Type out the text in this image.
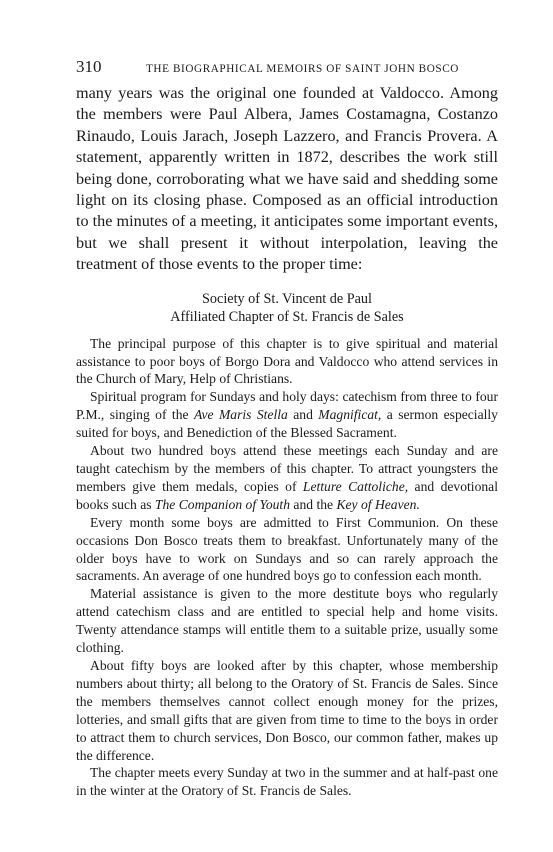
310	THE BIOGRAPHICAL MEMOIRS OF SAINT JOHN BOSCO

many years was the original one founded at Valdocco. Among the members were Paul Albera, James Costamagna, Costanzo Rinaudo, Louis Jarach, Joseph Lazzero, and Francis Provera. A statement, apparently written in 1872, describes the work still being done, corroborating what we have said and shedding some light on its closing phase. Composed as an official introduction to the minutes of a meeting, it anticipates some important events, but we shall present it without interpolation, leaving the treatment of those events to the proper time:

Society of St. Vincent de Paul
Affiliated Chapter of St. Francis de Sales

The principal purpose of this chapter is to give spiritual and material assistance to poor boys of Borgo Dora and Valdocco who attend services in the Church of Mary, Help of Christians.

Spiritual program for Sundays and holy days: catechism from three to four P.M., singing of the Ave Maris Stella and Magnificat, a sermon especially suited for boys, and Benediction of the Blessed Sacrament.

About two hundred boys attend these meetings each Sunday and are taught catechism by the members of this chapter. To attract youngsters the members give them medals, copies of Letture Cattoliche, and devotional books such as The Companion of Youth and the Key of Heaven.

Every month some boys are admitted to First Communion. On these occasions Don Bosco treats them to breakfast. Unfortunately many of the older boys have to work on Sundays and so can rarely approach the sacraments. An average of one hundred boys go to confession each month.

Material assistance is given to the more destitute boys who regularly attend catechism class and are entitled to special help and home visits. Twenty attendance stamps will entitle them to a suitable prize, usually some clothing.

About fifty boys are looked after by this chapter, whose membership numbers about thirty; all belong to the Oratory of St. Francis de Sales. Since the members themselves cannot collect enough money for the prizes, lotteries, and small gifts that are given from time to time to the boys in order to attract them to church services, Don Bosco, our common father, makes up the difference.

The chapter meets every Sunday at two in the summer and at half-past one in the winter at the Oratory of St. Francis de Sales.
